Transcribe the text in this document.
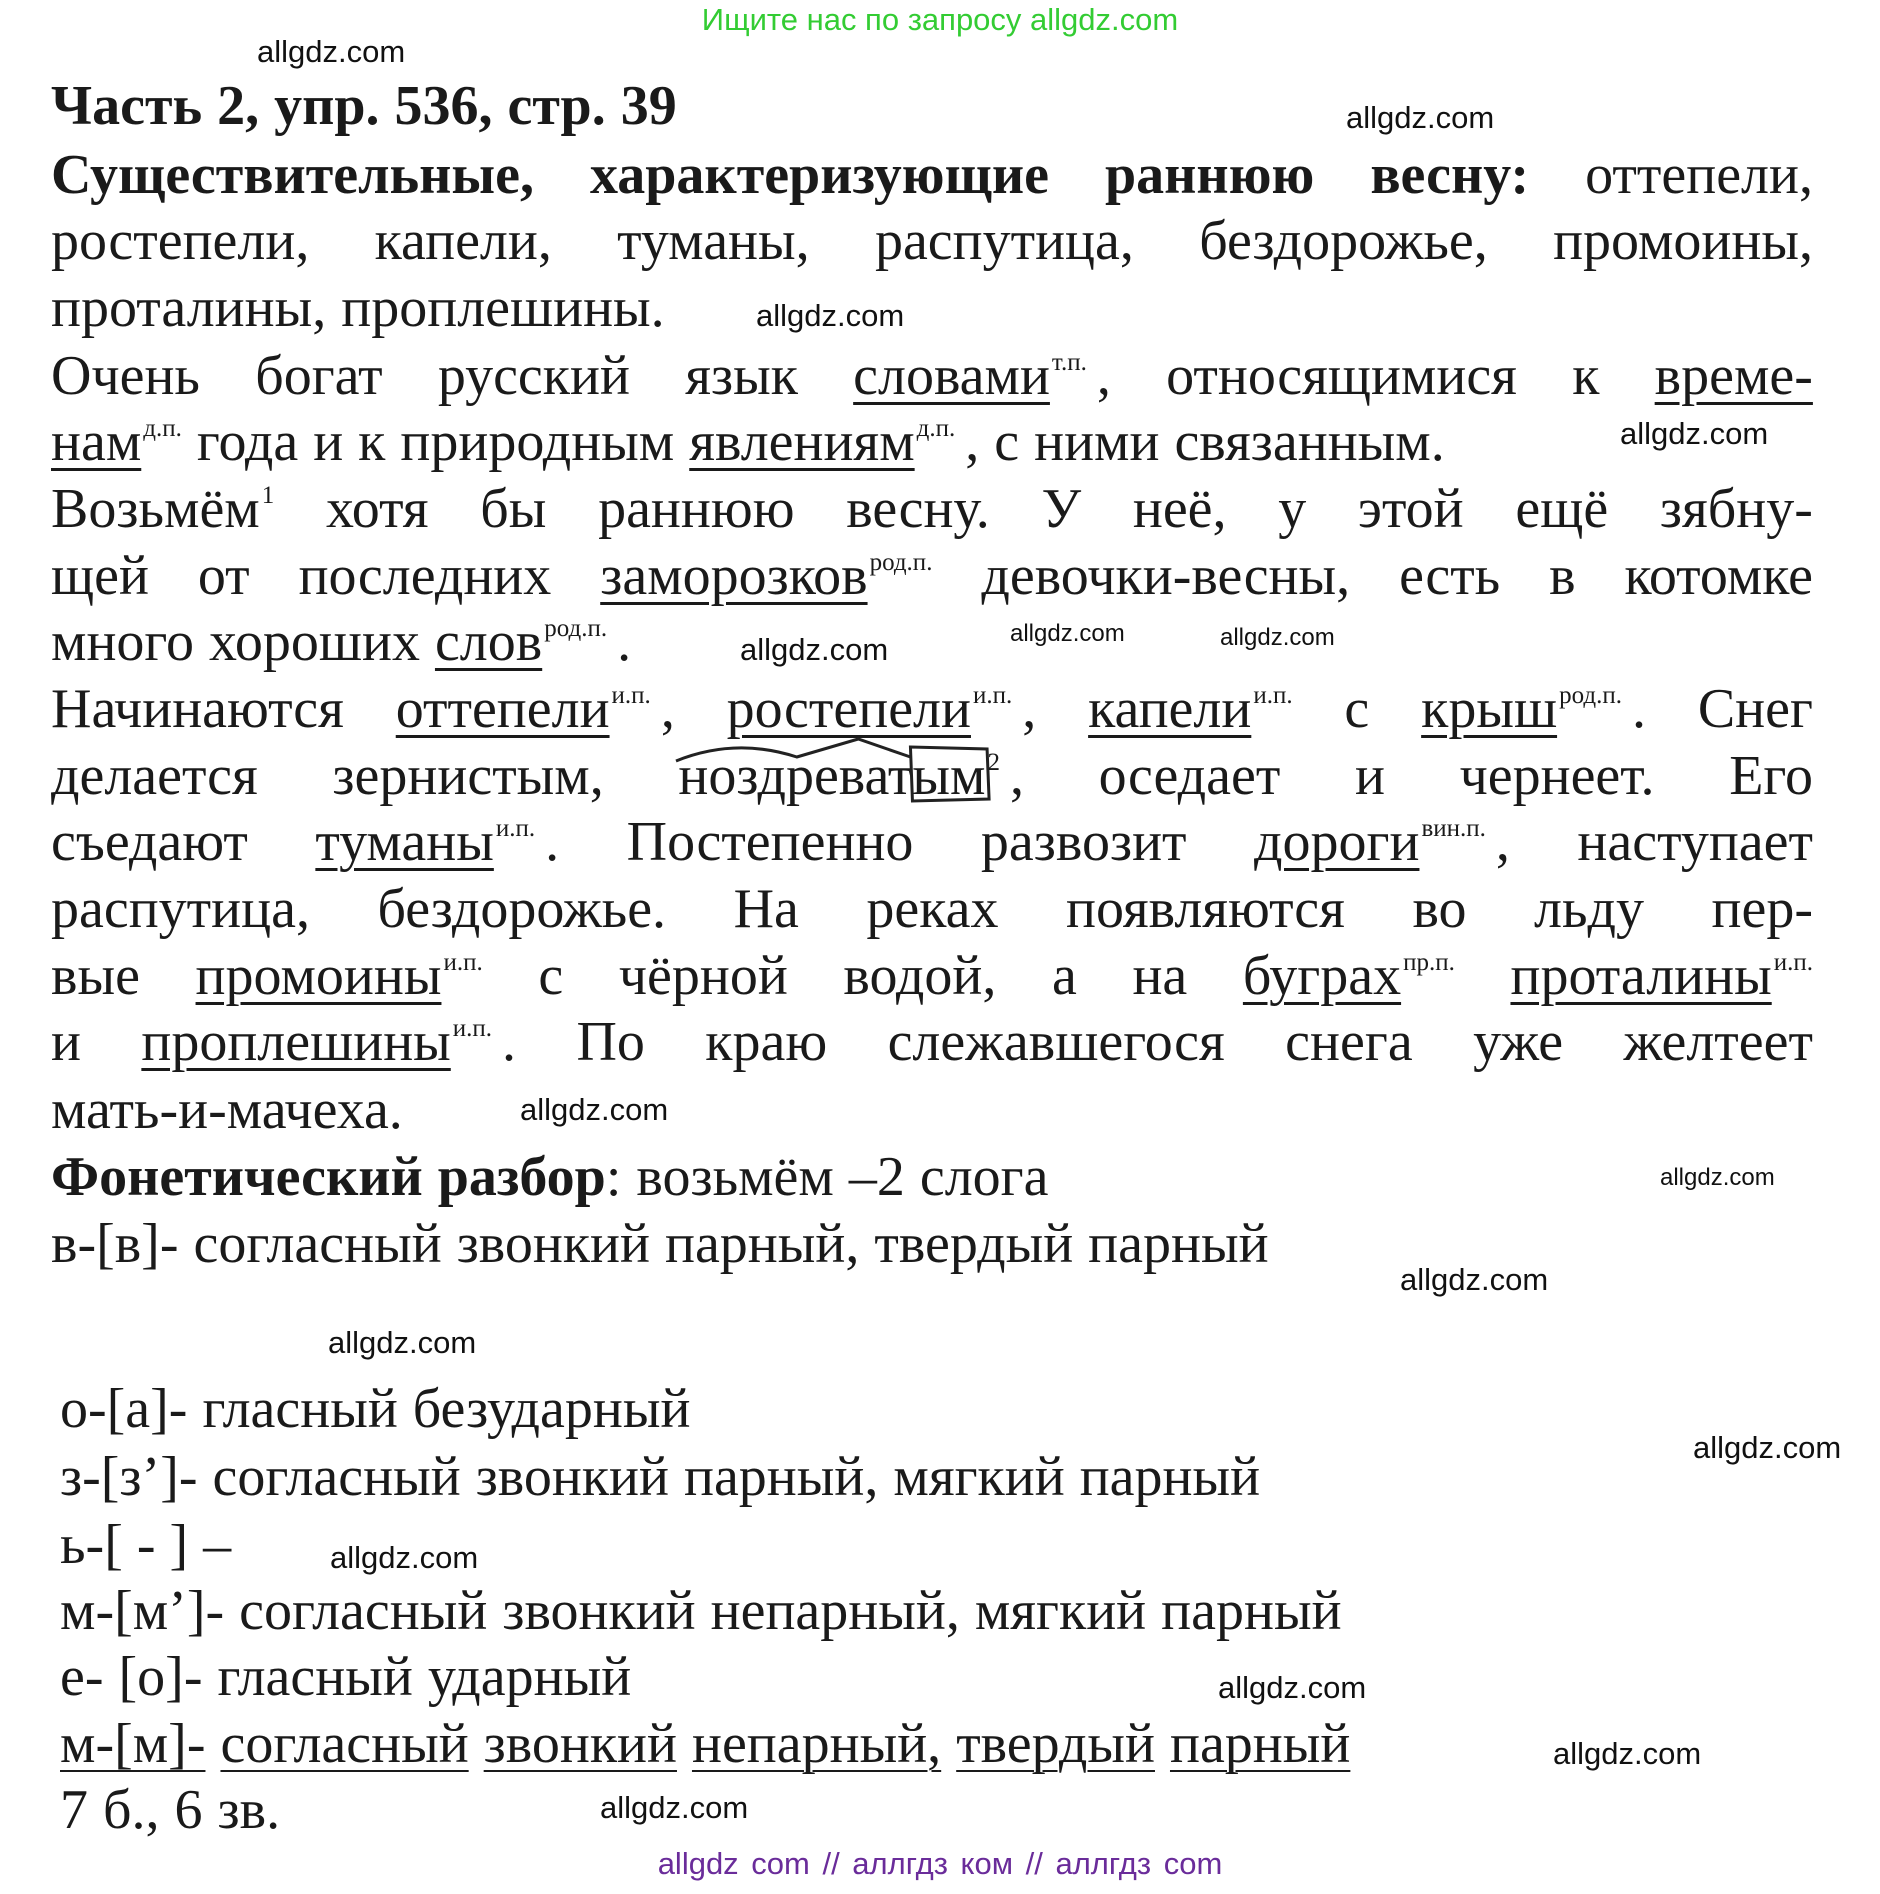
Ищите нас по запросу allgdz.com
Часть 2, упр. 536, стр. 39
Существительные, характеризующие раннюю весну: оттепели,
ростепели, капели, туманы, распутица, бездорожье, промоины,
проталины, проплешины.
Очень богат русский язык словами т.п. , относящимися к време-
нам д.п. года и к природным явлениям д.п. , с ними связанным.
Возьмём 1 хотя бы раннюю весну. У неё, у этой ещё зябну-
щей от последних заморозков род.п. девочки-весны, есть в котомке
много хороших слов род.п. .
Начинаются оттепели и.п. , ростепели и.п. , капели и.п. с крыш род.п. . Снег
делается зернистым, ноздреватым 2 , оседает и чернеет. Его
съедают туманы и.п. . Постепенно развозит дороги вин.п. , наступает
распутица, бездорожье. На реках появляются во льду пер-
вые промоины и.п. с чёрной водой, а на буграх пр.п. проталины и.п.
и проплешины и.п. . По краю слежавшегося снега уже желтеет
мать-и-мачеха.
Фонетический разбор : возьмём –2 слога
в-[в]- согласный звонкий парный, твердый парный
о-[а]- гласный безударный
з-[з’]- согласный звонкий парный, мягкий парный
ь-[ - ] –
м-[м’]- согласный звонкий непарный, мягкий парный
е- [о]- гласный ударный
м-[м]- согласный звонкий непарный, твердый парный
7 б., 6 зв.
allgdz.com
allgdz.com
allgdz.com
allgdz.com
allgdz.com
allgdz.com
allgdz.com
allgdz.com
allgdz.com
allgdz.com
allgdz.com
allgdz.com
allgdz.com
allgdz.com
allgdz.com
allgdz.com
allgdz com // аллгдз ком // аллгдз com
